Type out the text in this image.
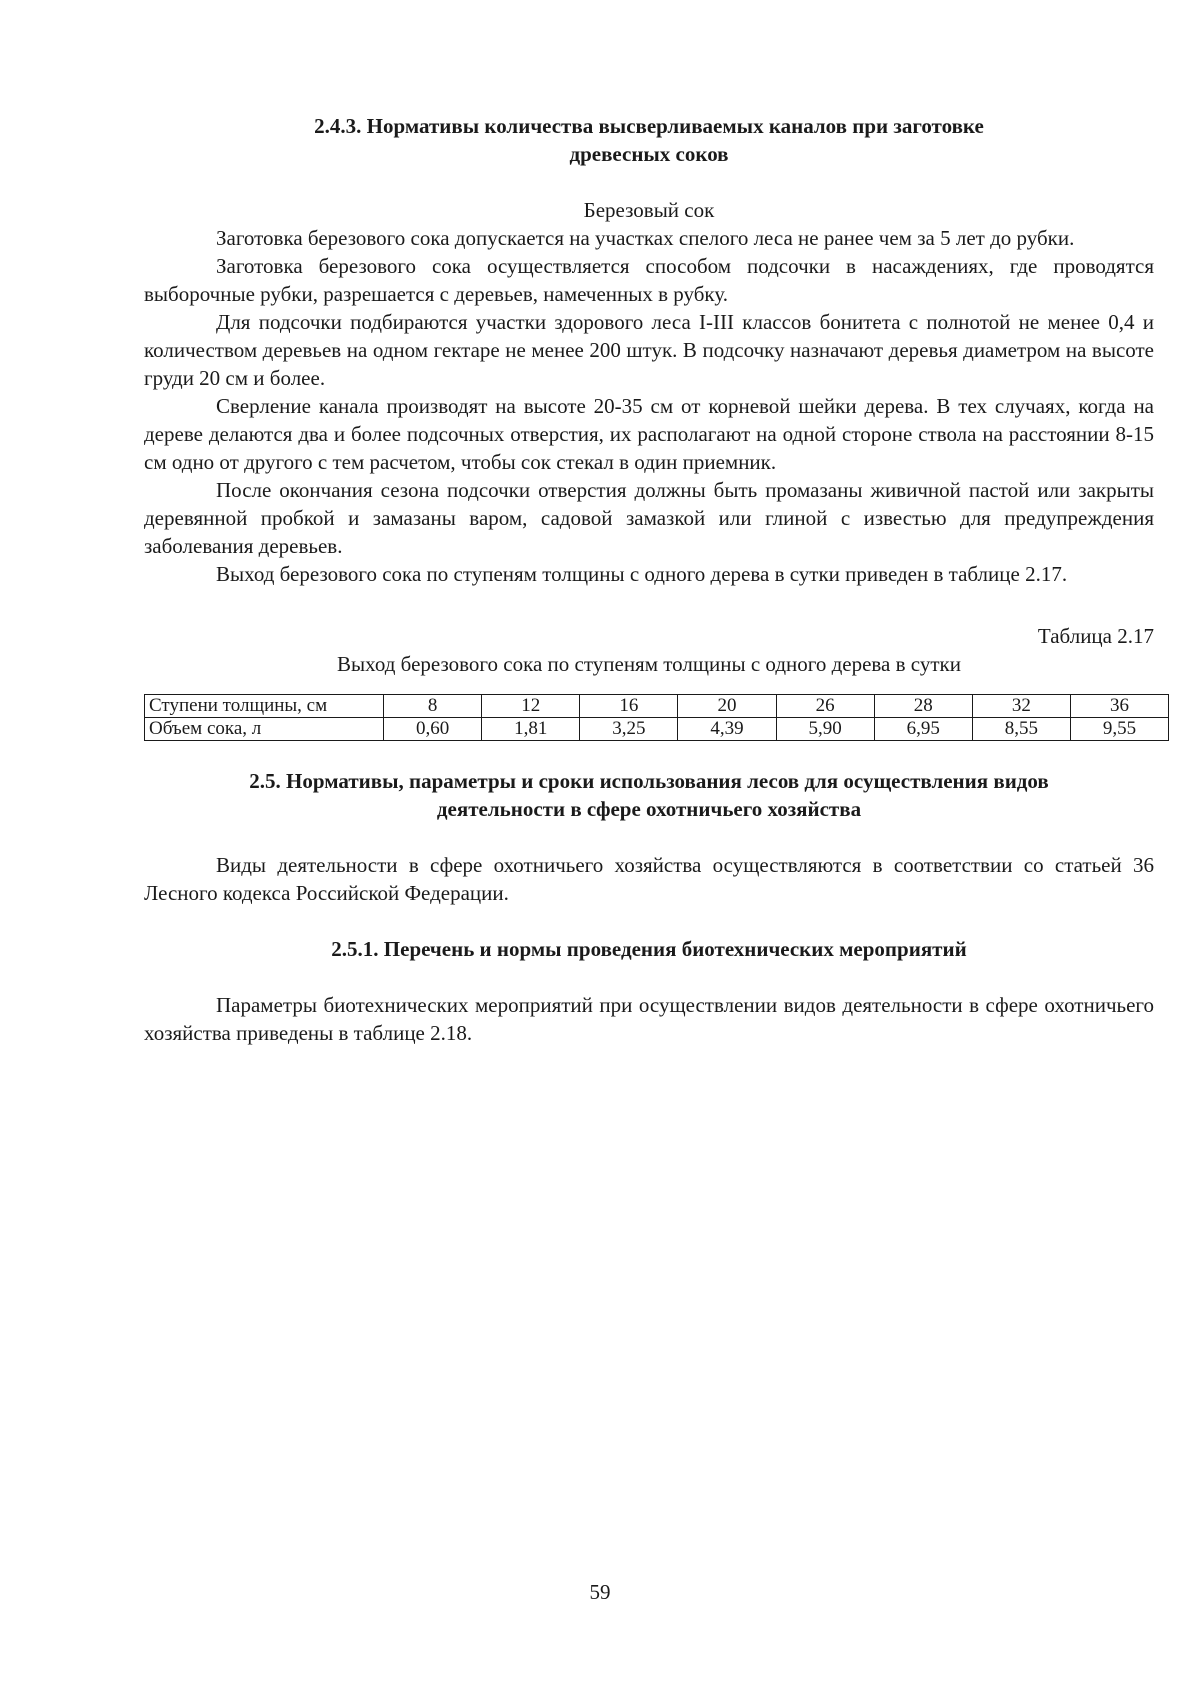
2.4.3. Нормативы количества высверливаемых каналов при заготовке

древесных соков

Березовый сок

Заготовка березового сока допускается на участках спелого леса не ранее чем за 5 лет до рубки.

Заготовка березового сока осуществляется способом подсочки в насаждениях, где проводятся выборочные рубки, разрешается с деревьев, намеченных в рубку.

Для подсочки подбираются участки здорового леса I-III классов бонитета с полнотой не менее 0,4 и количеством деревьев на одном гектаре не менее 200 штук. В подсочку назначают деревья диаметром на высоте груди 20 см и более.

Сверление канала производят на высоте 20-35 см от корневой шейки дерева. В тех случаях, когда на дереве делаются два и более подсочных отверстия, их располагают на одной стороне ствола на расстоянии 8-15 см одно от другого с тем расчетом, чтобы сок стекал в один приемник.

После окончания сезона подсочки отверстия должны быть промазаны живичной пастой или закрыты деревянной пробкой и замазаны варом, садовой замазкой или глиной с известью для предупреждения заболевания деревьев.

Выход березового сока по ступеням толщины с одного дерева в сутки приведен в таблице 2.17.

Таблица 2.17

Выход березового сока по ступеням толщины с одного дерева в сутки

Ступени толщины, см	8	12	16	20	26	28	32	36
Объем сока, л	0,60	1,81	3,25	4,39	5,90	6,95	8,55	9,55

2.5. Нормативы, параметры и сроки использования лесов для осуществления видов

деятельности в сфере охотничьего хозяйства

Виды деятельности в сфере охотничьего хозяйства осуществляются в соответствии со статьей 36 Лесного кодекса Российской Федерации.

2.5.1. Перечень и нормы проведения биотехнических мероприятий

Параметры биотехнических мероприятий при осуществлении видов деятельности в сфере охотничьего хозяйства приведены в таблице 2.18.

59
